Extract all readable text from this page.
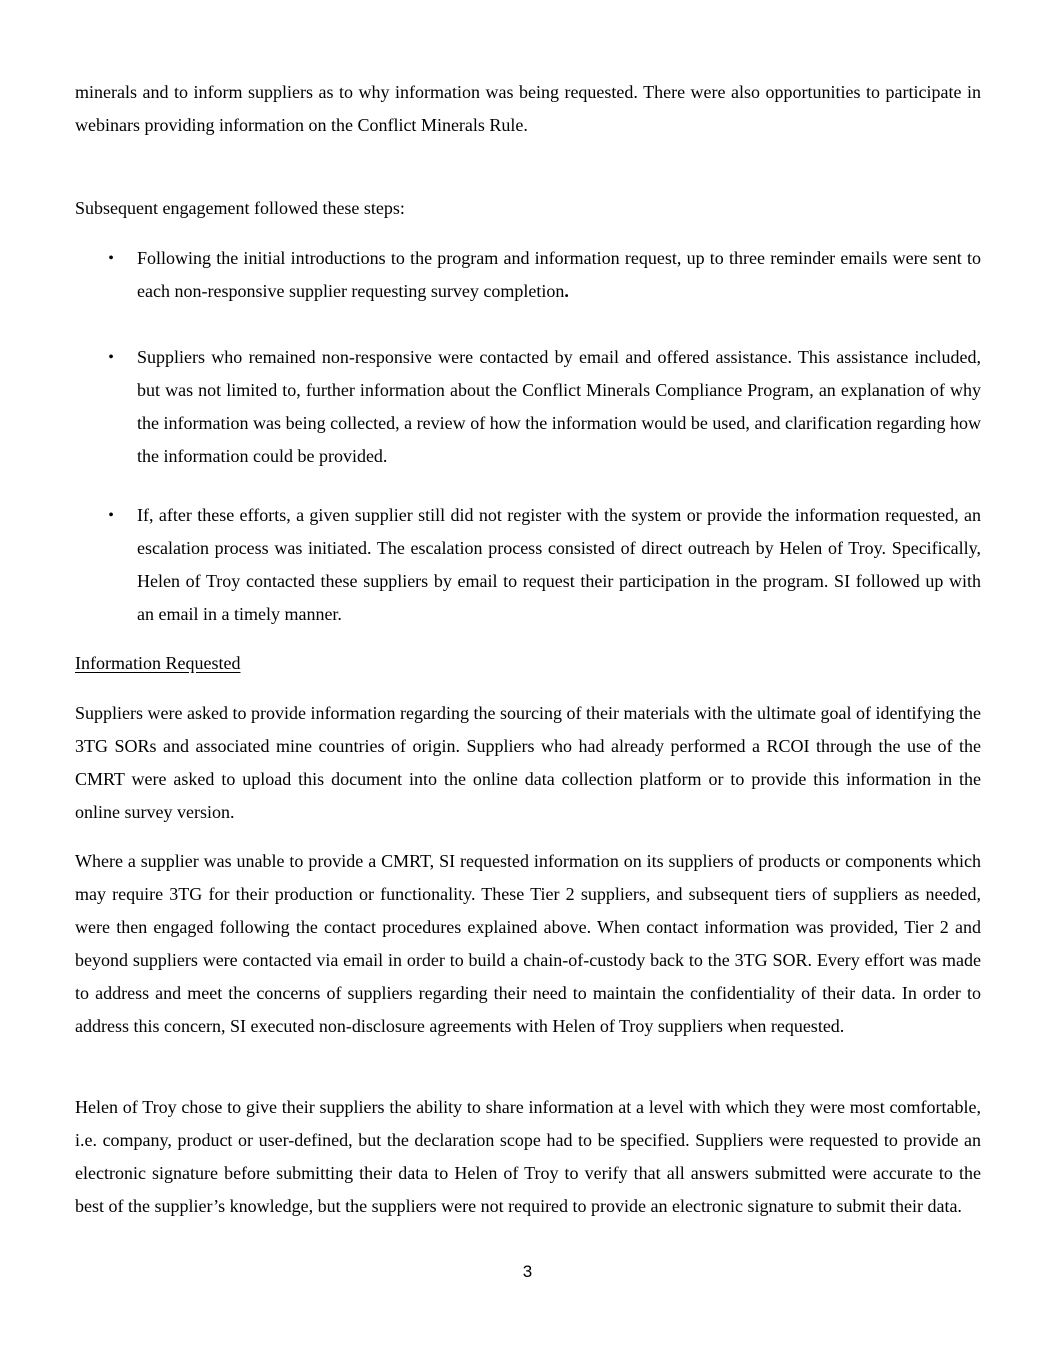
minerals and to inform suppliers as to why information was being requested. There were also opportunities to participate in webinars providing information on the Conflict Minerals Rule.

Subsequent engagement followed these steps:

• Following the initial introductions to the program and information request, up to three reminder emails were sent to each non-responsive supplier requesting survey completion.

• Suppliers who remained non-responsive were contacted by email and offered assistance. This assistance included, but was not limited to, further information about the Conflict Minerals Compliance Program, an explanation of why the information was being collected, a review of how the information would be used, and clarification regarding how the information could be provided.

• If, after these efforts, a given supplier still did not register with the system or provide the information requested, an escalation process was initiated. The escalation process consisted of direct outreach by Helen of Troy. Specifically, Helen of Troy contacted these suppliers by email to request their participation in the program. SI followed up with an email in a timely manner.

Information Requested

Suppliers were asked to provide information regarding the sourcing of their materials with the ultimate goal of identifying the 3TG SORs and associated mine countries of origin. Suppliers who had already performed a RCOI through the use of the CMRT were asked to upload this document into the online data collection platform or to provide this information in the online survey version.

Where a supplier was unable to provide a CMRT, SI requested information on its suppliers of products or components which may require 3TG for their production or functionality. These Tier 2 suppliers, and subsequent tiers of suppliers as needed, were then engaged following the contact procedures explained above. When contact information was provided, Tier 2 and beyond suppliers were contacted via email in order to build a chain-of-custody back to the 3TG SOR. Every effort was made to address and meet the concerns of suppliers regarding their need to maintain the confidentiality of their data. In order to address this concern, SI executed non-disclosure agreements with Helen of Troy suppliers when requested.

Helen of Troy chose to give their suppliers the ability to share information at a level with which they were most comfortable, i.e. company, product or user-defined, but the declaration scope had to be specified. Suppliers were requested to provide an electronic signature before submitting their data to Helen of Troy to verify that all answers submitted were accurate to the best of the supplier’s knowledge, but the suppliers were not required to provide an electronic signature to submit their data.

3
